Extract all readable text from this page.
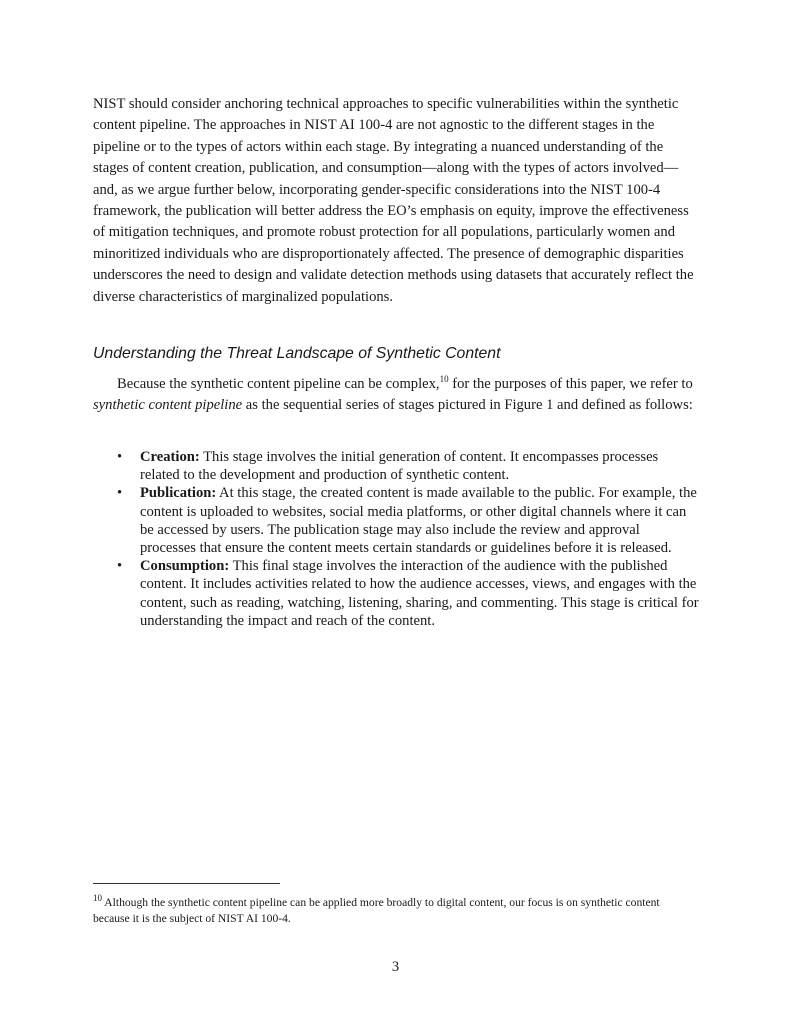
NIST should consider anchoring technical approaches to specific vulnerabilities within the synthetic content pipeline. The approaches in NIST AI 100-4 are not agnostic to the different stages in the pipeline or to the types of actors within each stage. By integrating a nuanced understanding of the stages of content creation, publication, and consumption—along with the types of actors involved—and, as we argue further below, incorporating gender-specific considerations into the NIST 100-4 framework, the publication will better address the EO’s emphasis on equity, improve the effectiveness of mitigation techniques, and promote robust protection for all populations, particularly women and minoritized individuals who are disproportionately affected. The presence of demographic disparities underscores the need to design and validate detection methods using datasets that accurately reflect the diverse characteristics of marginalized populations.

Understanding the Threat Landscape of Synthetic Content

Because the synthetic content pipeline can be complex,$^{10}$ for the purposes of this paper, we refer to synthetic content pipeline as the sequential series of stages pictured in Figure 1 and defined as follows:

• Creation: This stage involves the initial generation of content. It encompasses processes related to the development and production of synthetic content.
• Publication: At this stage, the created content is made available to the public. For example, the content is uploaded to websites, social media platforms, or other digital channels where it can be accessed by users. The publication stage may also include the review and approval processes that ensure the content meets certain standards or guidelines before it is released.
• Consumption: This final stage involves the interaction of the audience with the published content. It includes activities related to how the audience accesses, views, and engages with the content, such as reading, watching, listening, sharing, and commenting. This stage is critical for understanding the impact and reach of the content.

$^{10}$ Although the synthetic content pipeline can be applied more broadly to digital content, our focus is on synthetic content because it is the subject of NIST AI 100-4.

3
